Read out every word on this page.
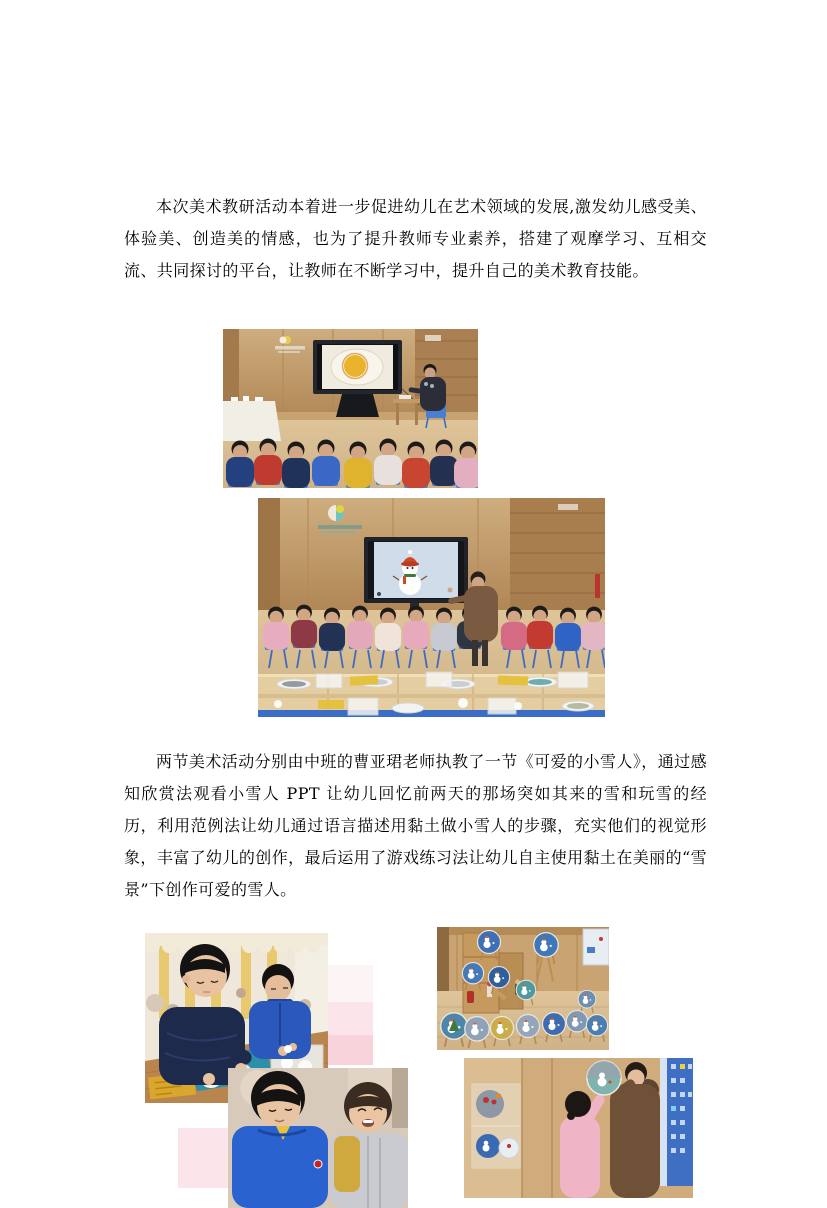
本次美术教研活动本着进一步促进幼儿在艺术领域的发展,激发幼儿感受美、体验美、创造美的情感，也为了提升教师专业素养，搭建了观摩学习、互相交流、共同探讨的平台，让教师在不断学习中，提升自己的美术教育技能。

两节美术活动分别由中班的曹亚珺老师执教了一节《可爱的小雪人》，通过感知欣赏法观看小雪人 PPT 让幼儿回忆前两天的那场突如其来的雪和玩雪的经历，利用范例法让幼儿通过语言描述用黏土做小雪人的步骤，充实他们的视觉形象，丰富了幼儿的创作，最后运用了游戏练习法让幼儿自主使用黏土在美丽的“雪景”下创作可爱的雪人。
